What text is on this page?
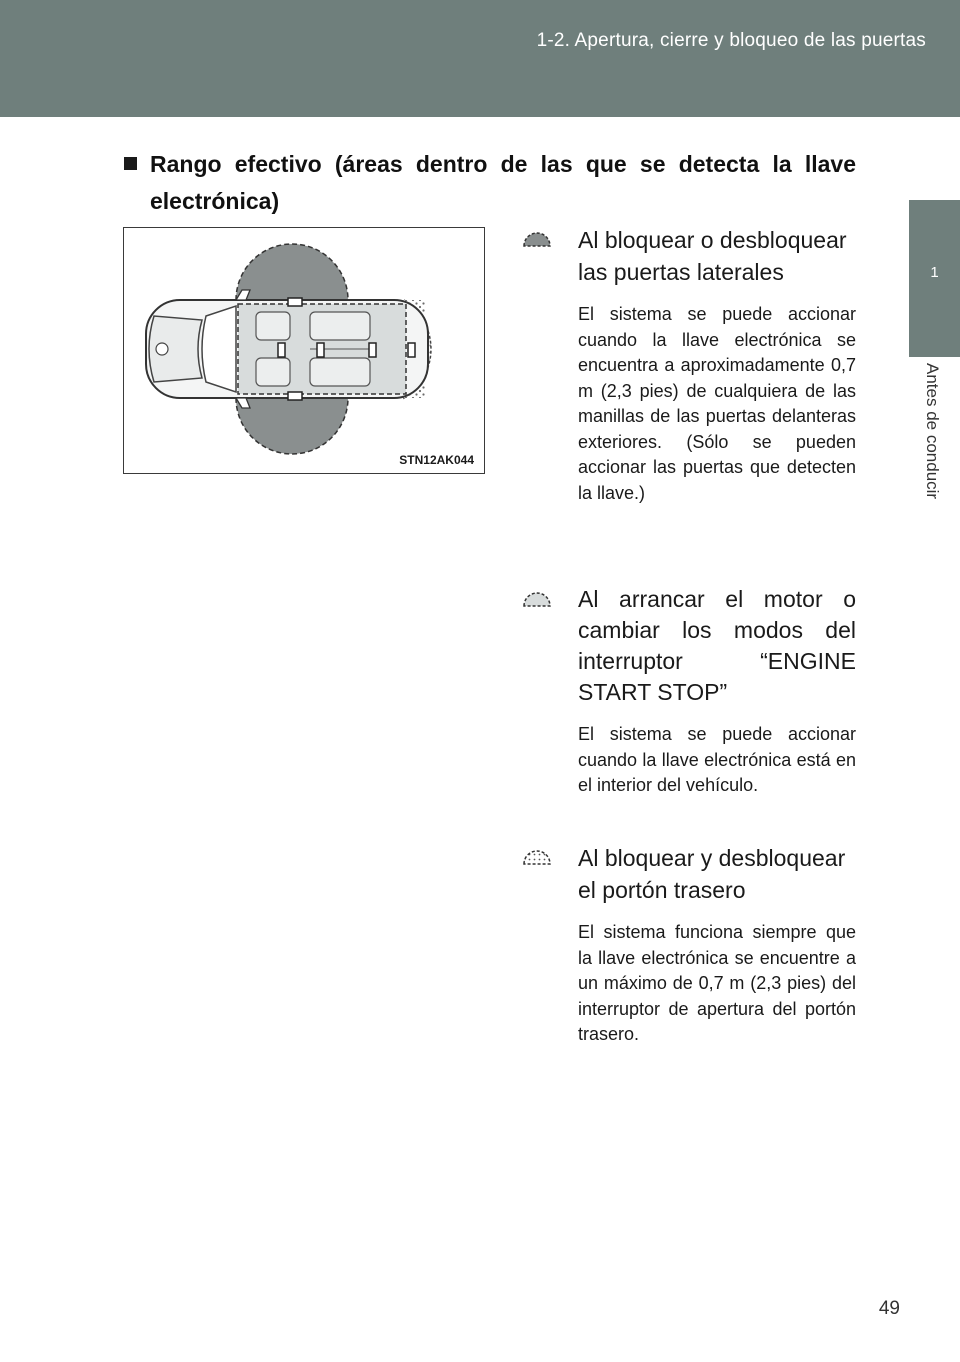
1-2. Apertura, cierre y bloqueo de las puertas
1
Antes de conducir
Rango efectivo (áreas dentro de las que se detecta la llave electrónica)
STN12AK044
Al bloquear o desbloquear las puertas laterales
El sistema se puede accionar cuando la llave electrónica se encuentra a aproximadamente 0,7 m (2,3 pies) de cualquiera de las manillas de las puertas delanteras exteriores. (Sólo se pueden accionar las puertas que detecten la llave.)
Al arrancar el motor o cambiar los modos del interruptor “ENGINE START STOP”
El sistema se puede accionar cuando la llave electrónica está en el interior del vehículo.
Al bloquear y desbloquear el portón trasero
El sistema funciona siempre que la llave electrónica se encuentre a un máximo de 0,7 m (2,3 pies) del interruptor de apertura del portón trasero.
49
